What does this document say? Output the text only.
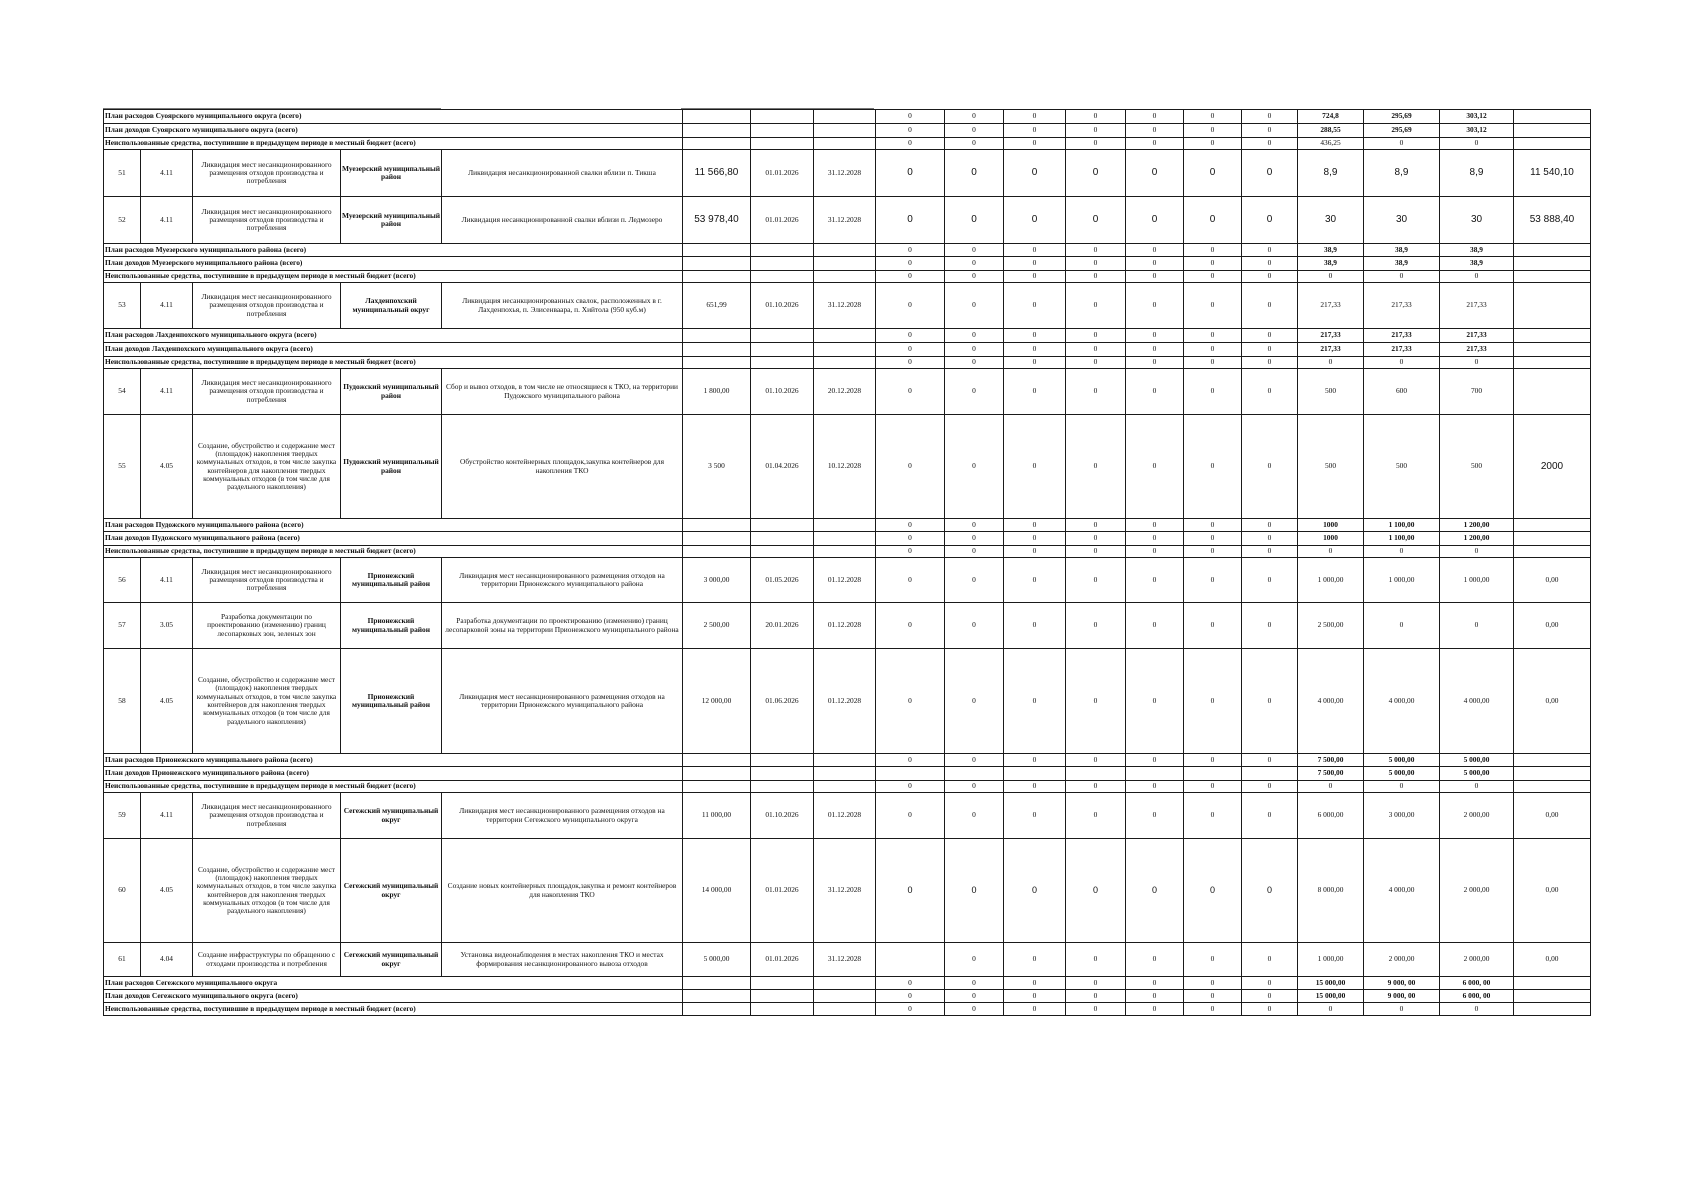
План расходов Суоярского муниципального округа (всего)								0	0	0	0	0	0	0	724,8	295,69	303,12	
План доходов Суоярского муниципального округа (всего)								0	0	0	0	0	0	0	288,55	295,69	303,12	
Неиспользованные средства, поступившие в предыдущем периоде в местный бюджет (всего)								0	0	0	0	0	0	0	436,25	0	0	
51	4.11	Ликвидация мест несанкционированного размещения отходов производства и потребления	Муезерский муниципальный район	Ликвидация несанкционированной свалки вблизи п. Тикша	11 566,80	01.01.2026	31.12.2028	0	0	0	0	0	0	0	8,9	8,9	8,9	11 540,10
52	4.11	Ликвидация мест несанкционированного размещения отходов производства и потребления	Муезерский муниципальный район	Ликвидация несанкционированной свалки вблизи п. Ледмозеро	53 978,40	01.01.2026	31.12.2028	0	0	0	0	0	0	0	30	30	30	53 888,40
План расходов Муезерского муниципального района (всего)								0	0	0	0	0	0	0	38,9	38,9	38,9	
План доходов Муезерского муниципального района (всего)								0	0	0	0	0	0	0	38,9	38,9	38,9	
Неиспользованные средства, поступившие в предыдущем периоде в местный бюджет (всего)								0	0	0	0	0	0	0	0	0	0	
53	4.11	Ликвидация мест несанкционированного размещения отходов производства и потребления	Лахденпохский муниципальный округ	Ликвидация несанкционированных свалок, расположенных в г. Лахденпохья, п. Элисенваара, п. Хийтола (950 куб.м)	651,99	01.10.2026	31.12.2028	0	0	0	0	0	0	0	217,33	217,33	217,33	
План расходов Лахденпохского муниципального округа (всего)								0	0	0	0	0	0	0	217,33	217,33	217,33	
План доходов Лахденпохского муниципального округа (всего)								0	0	0	0	0	0	0	217,33	217,33	217,33	
Неиспользованные средства, поступившие в предыдущем периоде в местный бюджет (всего)								0	0	0	0	0	0	0	0	0	0	
54	4.11	Ликвидация мест несанкционированного размещения отходов производства и потребления	Пудожский муниципальный район	Сбор и вывоз отходов, в том числе не относящиеся к ТКО, на территории Пудожского муниципального района	1 800,00	01.10.2026	20.12.2028	0	0	0	0	0	0	0	500	600	700	
55	4.05	Создание, обустройство и содержание мест (площадок) накопления твердых коммунальных отходов, в том числе закупка контейнеров для накопления твердых коммунальных отходов (в том числе для раздельного накопления)	Пудожский муниципальный район	Обустройство контейнерных площадок,закупка контейнеров для накопления ТКО	3 500	01.04.2026	10.12.2028	0	0	0	0	0	0	0	500	500	500	2000
План расходов Пудожского муниципального района (всего)								0	0	0	0	0	0	0	1000	1 100,00	1 200,00	
План доходов Пудожского муниципального района (всего)								0	0	0	0	0	0	0	1000	1 100,00	1 200,00	
Неиспользованные средства, поступившие в предыдущем периоде в местный бюджет (всего)								0	0	0	0	0	0	0	0	0	0	
56	4.11	Ликвидация мест несанкционированного размещения отходов производства и потребления	Прионежский муниципальный район	Ликвидация мест несанкционированного размещения отходов на территории Прионежского муниципального района	3 000,00	01.05.2026	01.12.2028	0	0	0	0	0	0	0	1 000,00	1 000,00	1 000,00	0,00
57	3.05	Разработка документации по проектированию (изменению) границ лесопарковых зон, зеленых зон	Прионежский муниципальный район	Разработка документации по проектированию (изменению) границ лесопарковой зоны на территории Прионежского муниципального района	2 500,00	20.01.2026	01.12.2028	0	0	0	0	0	0	0	2 500,00	0	0	0,00
58	4.05	Создание, обустройство и содержание мест (площадок) накопления твердых коммунальных отходов, в том числе закупка контейнеров для накопления твердых коммунальных отходов (в том числе для раздельного накопления)	Прионежский муниципальный район	Ликвидация мест несанкционированного размещения отходов на территории Прионежского муниципального района	12 000,00	01.06.2026	01.12.2028	0	0	0	0	0	0	0	4 000,00	4 000,00	4 000,00	0,00
План расходов Прионежского муниципального района (всего)								0	0	0	0	0	0	0	7 500,00	5 000,00	5 000,00	
План доходов Прионежского муниципального района (всего)															7 500,00	5 000,00	5 000,00	
Неиспользованные средства, поступившие в предыдущем периоде в местный бюджет (всего)								0	0	0	0	0	0	0	0	0	0	
59	4.11	Ликвидация мест несанкционированного размещения отходов производства и потребления	Сегежский муниципальный округ	Ликвидация мест несанкционированного размещения отходов на территории Сегежского муниципального округа	11 000,00	01.10.2026	01.12.2028	0	0	0	0	0	0	0	6 000,00	3 000,00	2 000,00	0,00
60	4.05	Создание, обустройство и содержание мест (площадок) накопления твердых коммунальных отходов, в том числе закупка контейнеров для накопления твердых коммунальных отходов (в том числе для раздельного накопления)	Сегежский муниципальный округ	Создание новых контейнерных площадок,закупка и ремонт контейнеров для накопления ТКО	14 000,00	01.01.2026	31.12.2028	0	0	0	0	0	0	0	8 000,00	4 000,00	2 000,00	0,00
61	4.04	Создание инфраструктуры по обращению с отходами производства и потребления	Сегежский муниципальный округ	Установка видеонаблюдения в местах накопления ТКО и местах формирования несанкционированного вывоза отходов	5 000,00	01.01.2026	31.12.2028		0	0	0	0	0	0	1 000,00	2 000,00	2 000,00	0,00
План расходов Сегежского муниципального округа								0	0	0	0	0	0	0	15 000,00	9 000, 00	6 000, 00	
План доходов Сегежского муниципального округа (всего)								0	0	0	0	0	0	0	15 000,00	9 000, 00	6 000, 00	
Неиспользованные средства, поступившие в предыдущем периоде в местный бюджет (всего)								0	0	0	0	0	0	0	0	0	0	
